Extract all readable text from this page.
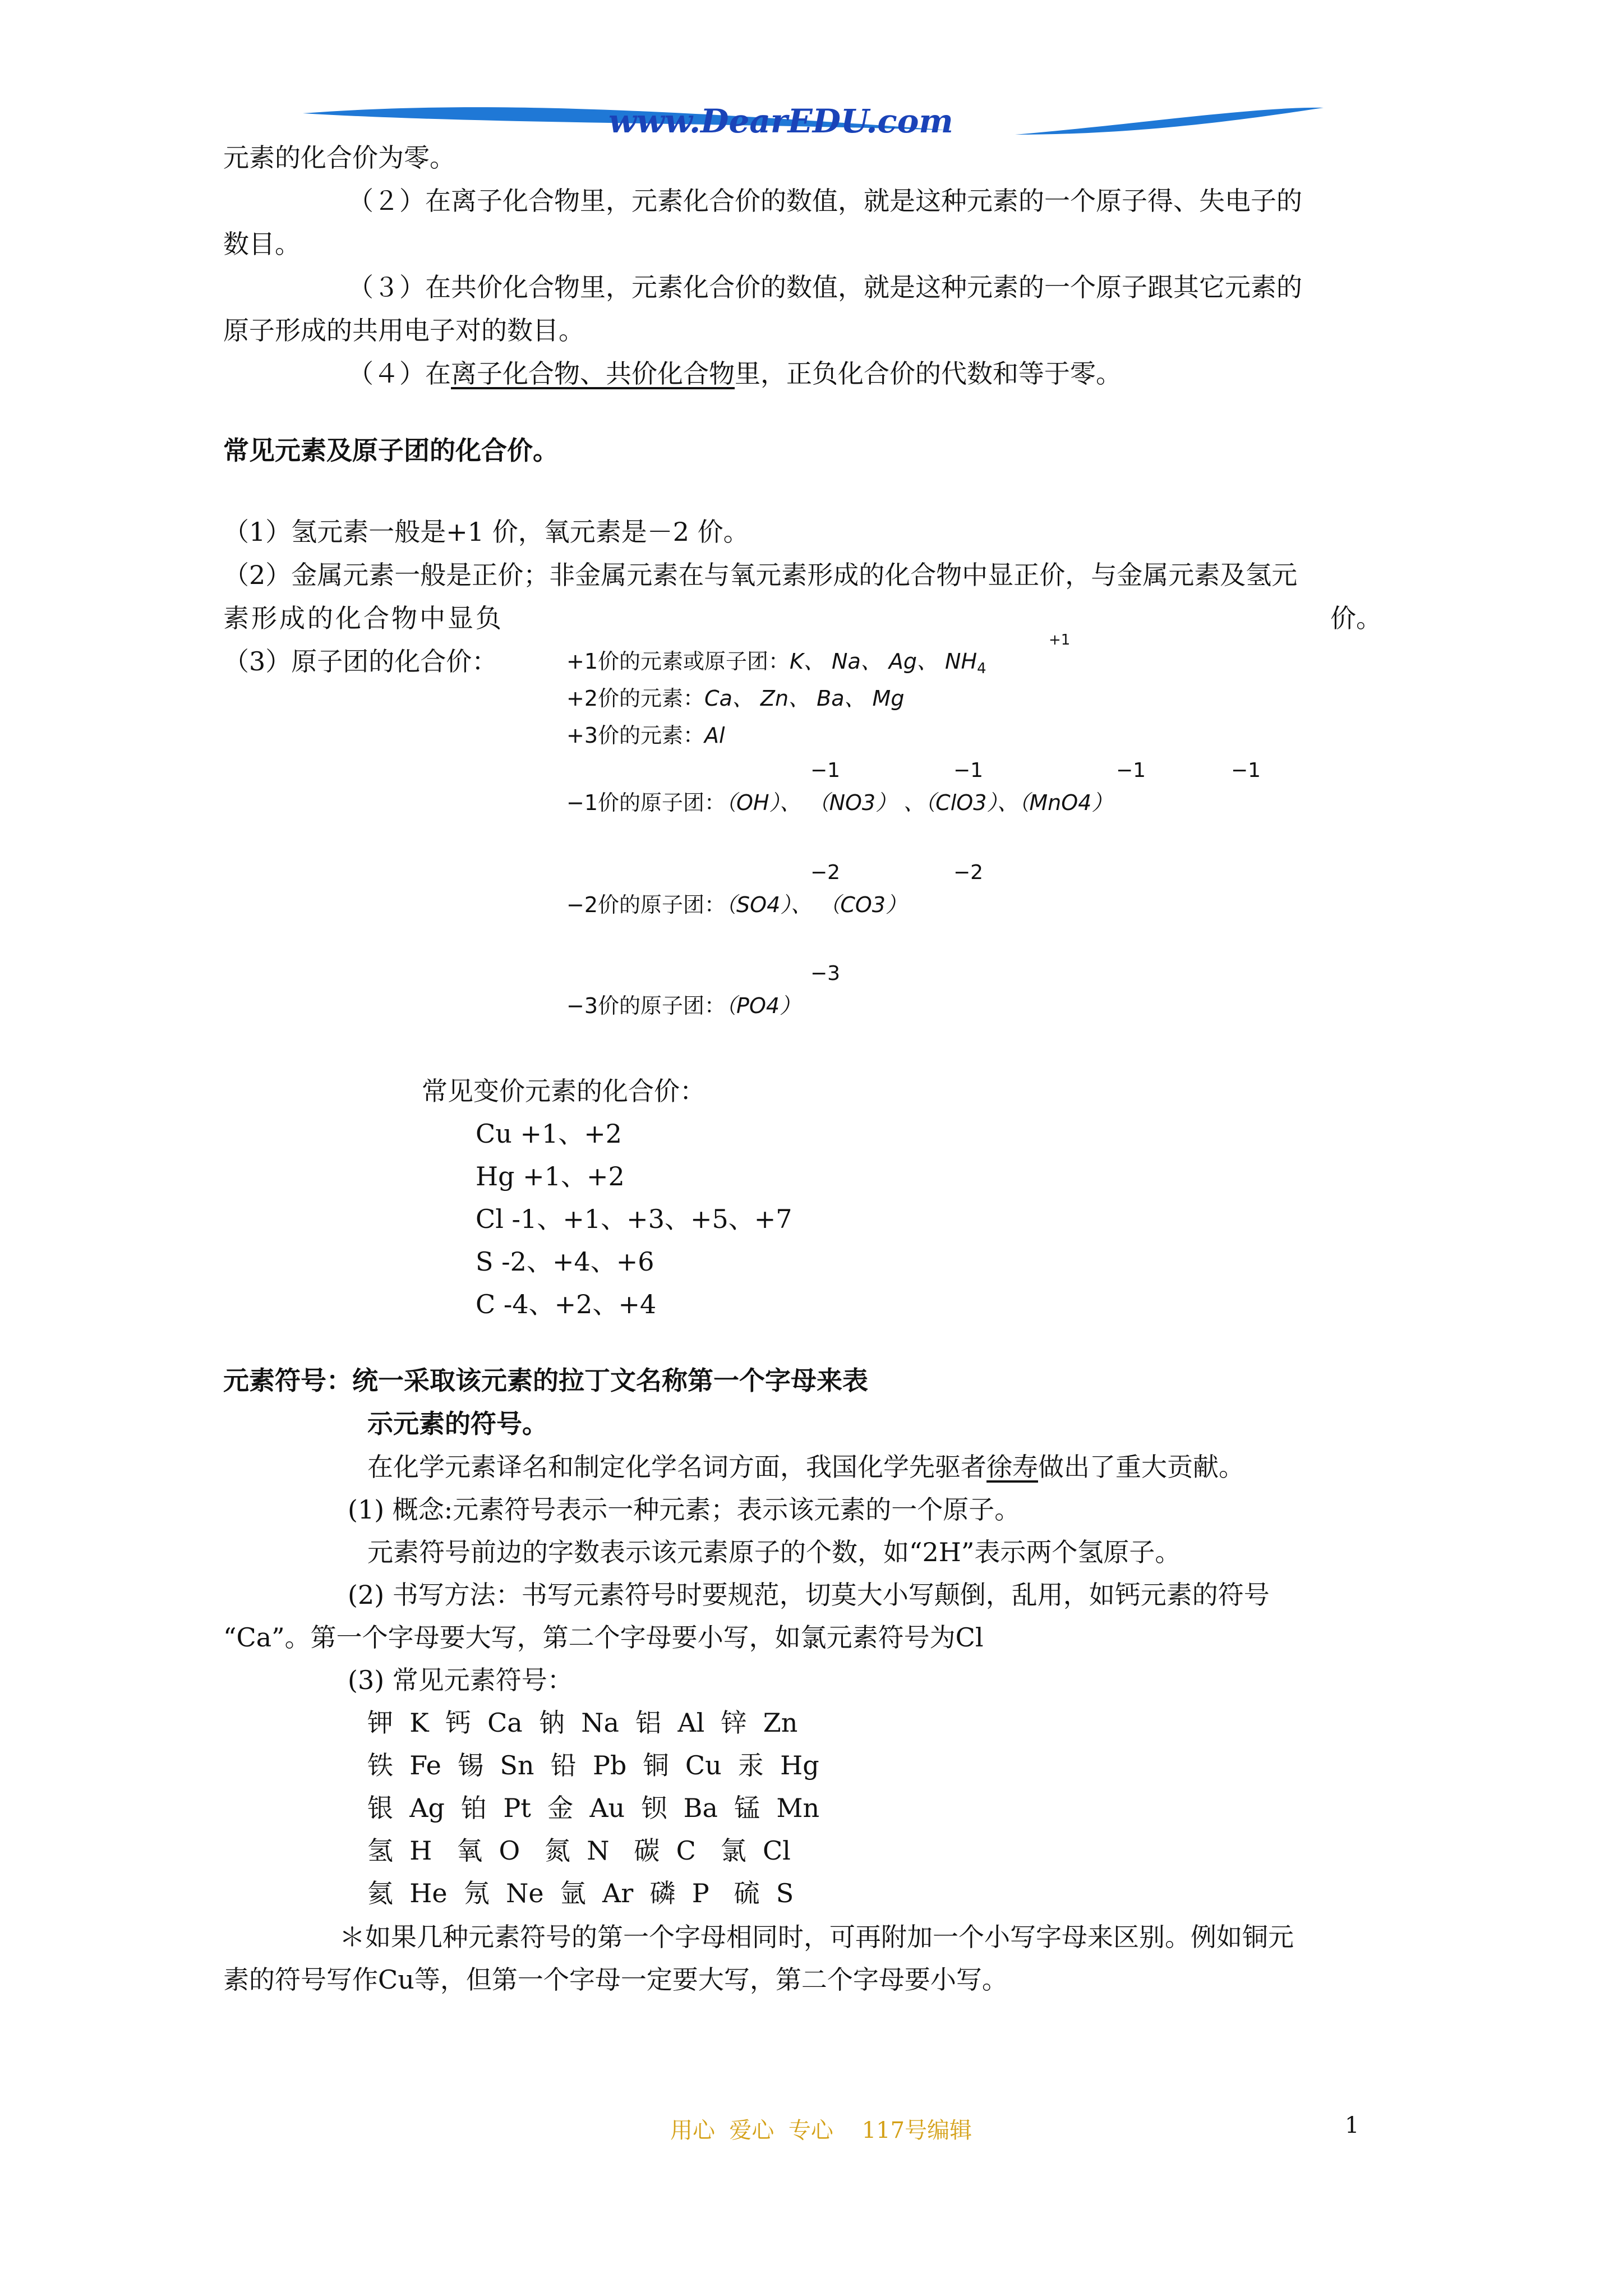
www.DearEDU.com
元素的化合价为零。
（２）在离子化合物里，元素化合价的数值，就是这种元素的一个原子得、失电子的
数目。
（３）在共价化合物里，元素化合价的数值，就是这种元素的一个原子跟其它元素的
原子形成的共用电子对的数目。
（４）在离子化合物、共价化合物里，正负化合价的代数和等于零。
常见元素及原子团的化合价。
（1）氢元素一般是+1 价，氧元素是－2 价。
（2）金属元素一般是正价；非金属元素在与氧元素形成的化合物中显正价，与金属元素及氢元
素形成的化合物中显负	价。
（3）原子团的化合价：	+1价的元素或原子团：K、 Na、 Ag、 $NH_4$
+1
+2价的元素：Ca、 Zn、 Ba、 Mg
+3价的元素：Al
−1	−1	−1	−1
−1价的原子团：（OH）、 （NO3） 、（ClO3）、（MnO4）
−2	−2
−2价的原子团：（SO4）、 （CO3）
−3
−3价的原子团：（PO4）
常见变价元素的化合价：
Cu +1、+2
Hg +1、+2
Cl -1、+1、+3、+5、+7
S -2、+4、+6
C -4、+2、+4
元素符号：统一采取该元素的拉丁文名称第一个字母来表
示元素的符号。
在化学元素译名和制定化学名词方面，我国化学先驱者徐寿做出了重大贡献。
(1) 概念:元素符号表示一种元素；表示该元素的一个原子。
元素符号前边的字数表示该元素原子的个数，如“2H”表示两个氢原子。
(2) 书写方法：书写元素符号时要规范，切莫大小写颠倒，乱用，如钙元素的符号
“Ca”。第一个字母要大写，第二个字母要小写，如氯元素符号为Cl
(3) 常见元素符号：
钾  K  钙  Ca  钠  Na  铝  Al  锌  Zn
铁  Fe  锡  Sn  铅  Pb  铜  Cu  汞  Hg
银  Ag  铂  Pt  金  Au  钡  Ba  锰  Mn
氢  H   氧  O   氮  N   碳  C   氯  Cl
氦  He  氖  Ne  氩  Ar  磷  P   硫  S
＊如果几种元素符号的第一个字母相同时，可再附加一个小写字母来区别。例如铜元
素的符号写作Cu等，但第一个字母一定要大写，第二个字母要小写。
用心  爱心  专心    117号编辑	1
